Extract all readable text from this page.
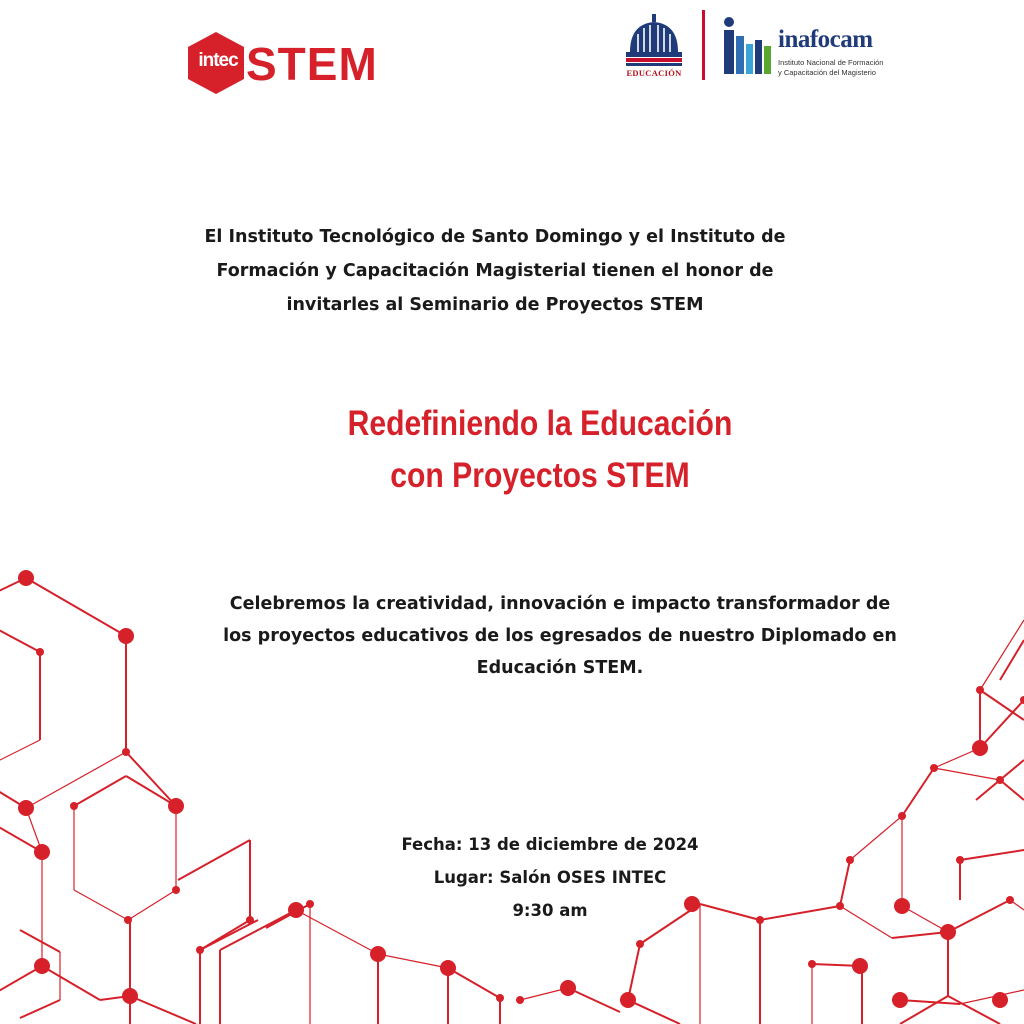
intec STEM	EDUCACIÓN
inafocam
Instituto Nacional de Formación
y Capacitación del Magisterio
El Instituto Tecnológico de Santo Domingo y el Instituto de
Formación y Capacitación Magisterial tienen el honor de
invitarles al Seminario de Proyectos STEM
Redefiniendo la Educación
con Proyectos STEM
Celebremos la creatividad, innovación e impacto transformador de
los proyectos educativos de los egresados de nuestro Diplomado en
Educación STEM.
Fecha: 13 de diciembre de 2024
Lugar: Salón OSES INTEC
9:30 am
